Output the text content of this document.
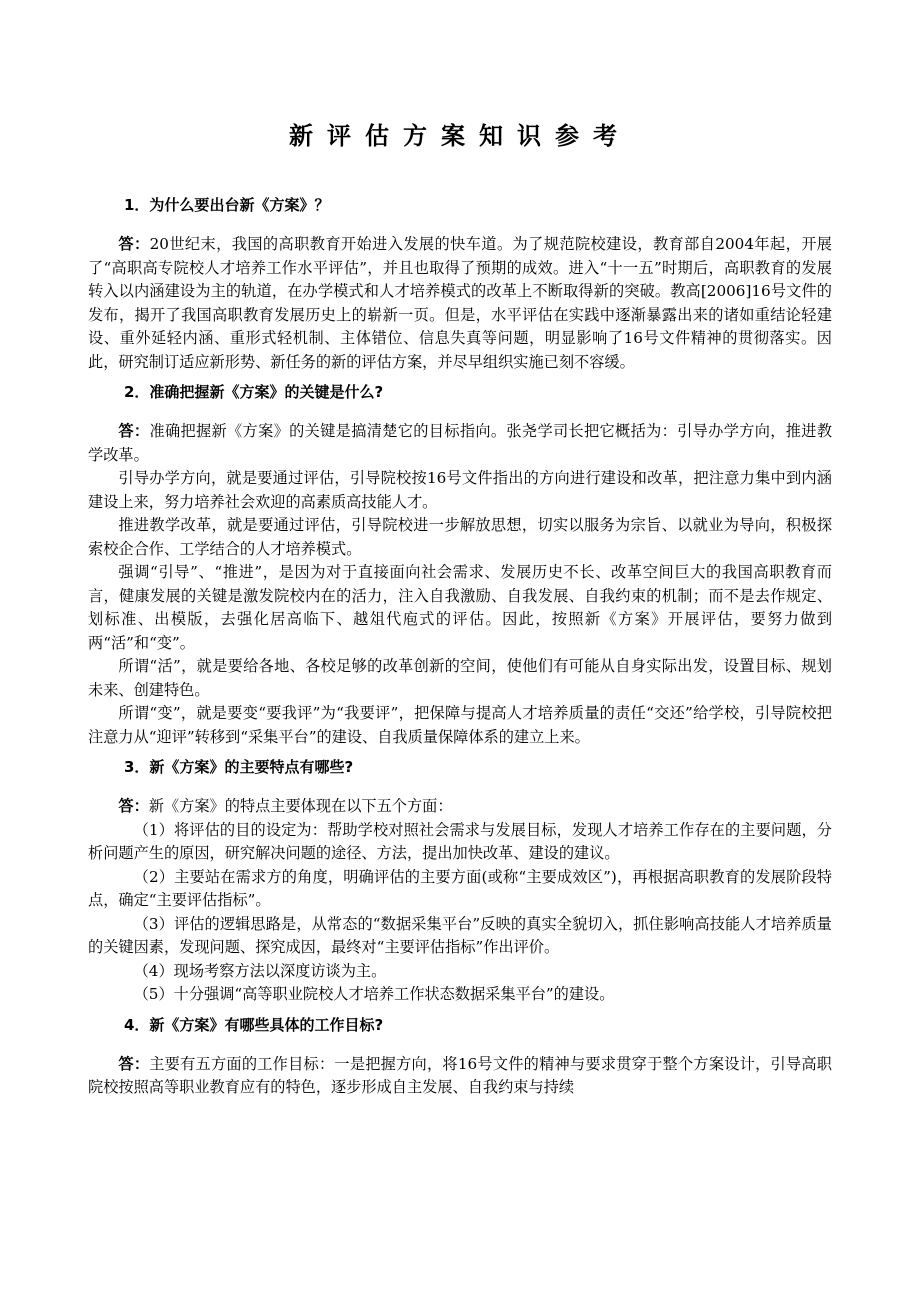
新评估方案知识参考
1．为什么要出台新《方案》？

答：20世纪末，我国的高职教育开始进入发展的快车道。为了规范院校建设，教育部自2004年起，开展了“高职高专院校人才培养工作水平评估”，并且也取得了预期的成效。进入“十一五”时期后，高职教育的发展转入以内涵建设为主的轨道，在办学模式和人才培养模式的改革上不断取得新的突破。教高[2006]16号文件的发布，揭开了我国高职教育发展历史上的崭新一页。但是，水平评估在实践中逐渐暴露出来的诸如重结论轻建设、重外延轻内涵、重形式轻机制、主体错位、信息失真等问题，明显影响了16号文件精神的贯彻落实。因此，研究制订适应新形势、新任务的新的评估方案，并尽早组织实施已刻不容缓。

2．准确把握新《方案》的关键是什么?

答：准确把握新《方案》的关键是搞清楚它的目标指向。张尧学司长把它概括为：引导办学方向，推进教学改革。

引导办学方向，就是要通过评估，引导院校按16号文件指出的方向进行建设和改革，把注意力集中到内涵建设上来，努力培养社会欢迎的高素质高技能人才。

推进教学改革，就是要通过评估，引导院校进一步解放思想，切实以服务为宗旨、以就业为导向，积极探索校企合作、工学结合的人才培养模式。

强调“引导”、“推进”，是因为对于直接面向社会需求、发展历史不长、改革空间巨大的我国高职教育而言，健康发展的关键是激发院校内在的活力，注入自我激励、自我发展、自我约束的机制；而不是去作规定、划标准、出模版，去强化居高临下、越俎代庖式的评估。因此，按照新《方案》开展评估，要努力做到两“活”和“变”。

所谓“活”，就是要给各地、各校足够的改革创新的空间，使他们有可能从自身实际出发，设置目标、规划未来、创建特色。

所谓“变”，就是要变“要我评”为“我要评”，把保障与提高人才培养质量的责任“交还”给学校，引导院校把注意力从“迎评”转移到“采集平台”的建设、自我质量保障体系的建立上来。

3．新《方案》的主要特点有哪些?

答：新《方案》的特点主要体现在以下五个方面：

（1）将评估的目的设定为：帮助学校对照社会需求与发展目标，发现人才培养工作存在的主要问题，分析问题产生的原因，研究解决问题的途径、方法，提出加快改革、建设的建议。

（2）主要站在需求方的角度，明确评估的主要方面(或称“主要成效区”)，再根据高职教育的发展阶段特点，确定“主要评估指标”。

（3）评估的逻辑思路是，从常态的“数据采集平台”反映的真实全貌切入，抓住影响高技能人才培养质量的关键因素，发现问题、探究成因，最终对“主要评估指标”作出评价。

（4）现场考察方法以深度访谈为主。

（5）十分强调“高等职业院校人才培养工作状态数据采集平台”的建设。

4．新《方案》有哪些具体的工作目标?

答：主要有五方面的工作目标：一是把握方向，将16号文件的精神与要求贯穿于整个方案设计，引导高职院校按照高等职业教育应有的特色，逐步形成自主发展、自我约束与持续
